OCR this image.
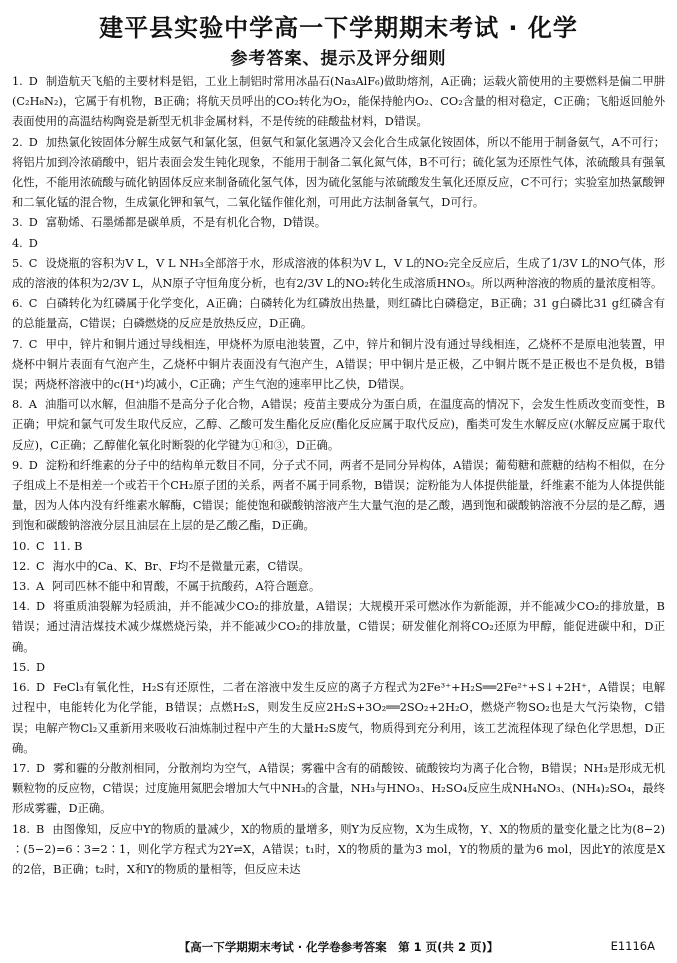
建平县实验中学高一下学期期末考试 · 化学
参考答案、提示及评分细则
1. D 制造航天飞船的主要材料是铝，工业上制铝时常用冰晶石(Na₃AlF₆)做助熔剂，A正确；运载火箭使用的主要燃料是偏二甲肼(C₂H₈N₂)，它属于有机物，B正确；将航天员呼出的CO₂转化为O₂，能保持舱内O₂、CO₂含量的相对稳定，C正确；飞船返回舱外表面使用的高温结构陶瓷是新型无机非金属材料，不是传统的硅酸盐材料，D错误。
2. D 加热氯化铵固体分解生成氨气和氯化氢，但氨气和氯化氢遇冷又会化合生成氯化铵固体，所以不能用于制备氨气，A不可行；将铝片加到冷浓硝酸中，铝片表面会发生钝化现象，不能用于制备二氧化氮气体，B不可行；硫化氢为还原性气体，浓硫酸具有强氧化性，不能用浓硫酸与硫化钠固体反应来制备硫化氢气体，因为硫化氢能与浓硫酸发生氧化还原反应，C不可行；实验室加热氯酸钾和二氧化锰的混合物，生成氯化钾和氧气，二氧化锰作催化剂，可用此方法制备氧气，D可行。
3. D 富勒烯、石墨烯都是碳单质，不是有机化合物，D错误。
4. D
5. C 设烧瓶的容积为V L，V L NH₃全部溶于水，形成溶液的体积为V L，V L的NO₂完全反应后，生成了1/3V L的NO气体，形成的溶液的体积为2/3V L，从N原子守恒角度分析，也有2/3V L的NO₂转化生成溶质HNO₃。所以两种溶液的物质的量浓度相等。
6. C 白磷转化为红磷属于化学变化，A正确；白磷转化为红磷放出热量，则红磷比白磷稳定，B正确；31 g白磷比31 g红磷含有的总能量高，C错误；白磷燃烧的反应是放热反应，D正确。
7. C 甲中，锌片和铜片通过导线相连，甲烧杯为原电池装置，乙中，锌片和铜片没有通过导线相连，乙烧杯不是原电池装置，甲烧杯中铜片表面有气泡产生，乙烧杯中铜片表面没有气泡产生，A错误；甲中铜片是正极，乙中铜片既不是正极也不是负极，B错误；两烧杯溶液中的c(H⁺)均减小，C正确；产生气泡的速率甲比乙快，D错误。
8. A 油脂可以水解，但油脂不是高分子化合物，A错误；疫苗主要成分为蛋白质，在温度高的情况下，会发生性质改变而变性，B正确；甲烷和氯气可发生取代反应，乙醇、乙酸可发生酯化反应(酯化反应属于取代反应)，酯类可发生水解反应(水解反应属于取代反应)，C正确；乙醇催化氧化时断裂的化学键为①和③，D正确。
9. D 淀粉和纤维素的分子中的结构单元数目不同，分子式不同，两者不是同分异构体，A错误；葡萄糖和蔗糖的结构不相似，在分子组成上不是相差一个或若干个CH₂原子团的关系，两者不属于同系物，B错误；淀粉能为人体提供能量，纤维素不能为人体提供能量，因为人体内没有纤维素水解酶，C错误；能使饱和碳酸钠溶液产生大量气泡的是乙酸，遇到饱和碳酸钠溶液不分层的是乙醇，遇到饱和碳酸钠溶液分层且油层在上层的是乙酸乙酯，D正确。
10. C 11. B
12. C 海水中的Ca、K、Br、F均不是微量元素，C错误。
13. A 阿司匹林不能中和胃酸，不属于抗酸药，A符合题意。
14. D 将重质油裂解为轻质油，并不能减少CO₂的排放量，A错误；大规模开采可燃冰作为新能源，并不能减少CO₂的排放量，B错误；通过清洁煤技术减少煤燃烧污染，并不能减少CO₂的排放量，C错误；研发催化剂将CO₂还原为甲醇，能促进碳中和，D正确。
15. D
16. D FeCl₃有氧化性，H₂S有还原性，二者在溶液中发生反应的离子方程式为2Fe³⁺+H₂S══2Fe²⁺+S↓+2H⁺，A错误；电解过程中，电能转化为化学能，B错误；点燃H₂S，则发生反应2H₂S+3O₂══2SO₂+2H₂O，燃烧产物SO₂也是大气污染物，C错误；电解产物Cl₂又重新用来吸收石油炼制过程中产生的大量H₂S废气，物质得到充分利用，该工艺流程体现了绿色化学思想，D正确。
17. D 雾和霾的分散剂相同，分散剂均为空气，A错误；雾霾中含有的硝酸铵、硫酸铵均为离子化合物，B错误；NH₃是形成无机颗粒物的反应物，C错误；过度施用氮肥会增加大气中NH₃的含量，NH₃与HNO₃、H₂SO₄反应生成NH₄NO₃、(NH₄)₂SO₄，最终形成雾霾，D正确。
18. B 由图像知，反应中Y的物质的量减少，X的物质的量增多，则Y为反应物，X为生成物，Y、X的物质的量变化量之比为(8−2)∶(5−2)=6∶3=2∶1，则化学方程式为2Y⇌X，A错误；t₁时，X的物质的量为3 mol，Y的物质的量为6 mol，因此Y的浓度是X的2倍，B正确；t₂时，X和Y的物质的量相等，但反应未达
【高一下学期期末考试 · 化学卷参考答案　第 1 页(共 2 页)】	E1116A
